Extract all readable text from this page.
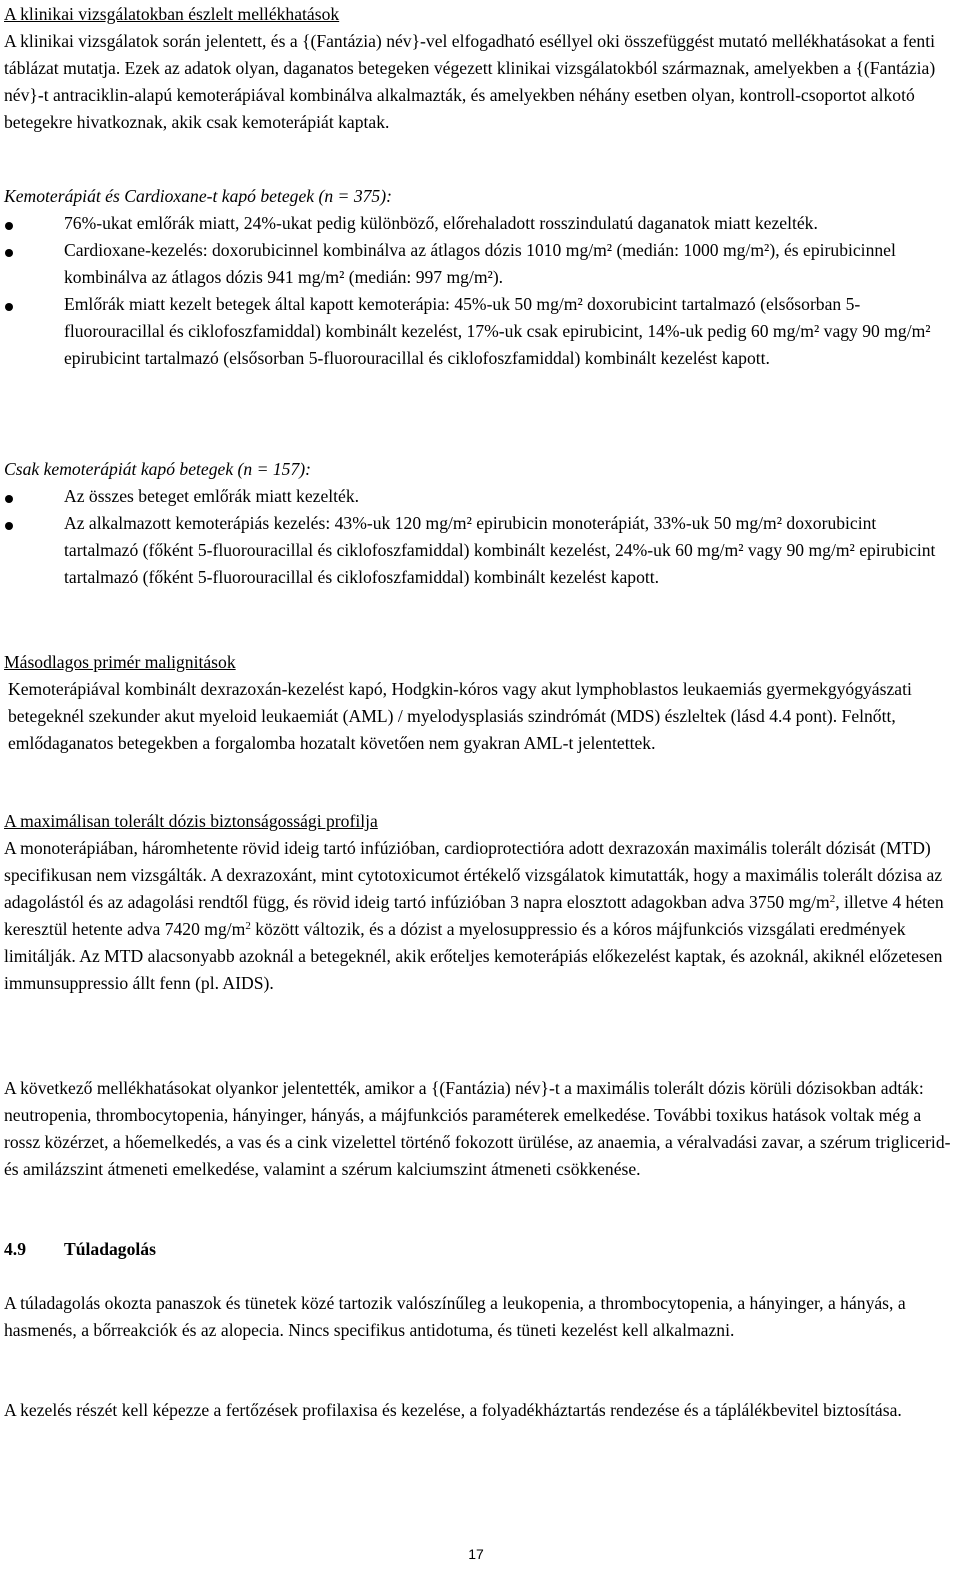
A klinikai vizsgálatokban észlelt mellékhatások
A klinikai vizsgálatok során jelentett, és a {(Fantázia) név}-vel elfogadható eséllyel oki összefüggést mutató mellékhatásokat a fenti táblázat mutatja. Ezek az adatok olyan, daganatos betegeken végezett klinikai vizsgálatokból származnak, amelyekben a {(Fantázia) név}-t antraciklin-alapú kemoterápiával kombinálva alkalmazták, és amelyekben néhány esetben olyan, kontroll-csoportot alkotó betegekre hivatkoznak, akik csak kemoterápiát kaptak.
Kemoterápiát és Cardioxane-t kapó betegek (n = 375):
76%-ukat emlőrák miatt, 24%-ukat pedig különböző, előrehaladott rosszindulatú daganatok miatt kezelték.
Cardioxane-kezelés: doxorubicinnel kombinálva az átlagos dózis 1010 mg/m² (medián: 1000 mg/m²), és epirubicinnel kombinálva az átlagos dózis 941 mg/m² (medián: 997 mg/m²).
Emlőrák miatt kezelt betegek által kapott kemoterápia: 45%-uk 50 mg/m² doxorubicint tartalmazó (elsősorban 5-fluorouracillal és ciklofoszfamiddal) kombinált kezelést, 17%-uk csak epirubicint, 14%-uk pedig 60 mg/m² vagy 90 mg/m² epirubicint tartalmazó (elsősorban 5-fluorouracillal és ciklofoszfamiddal) kombinált kezelést kapott.
Csak kemoterápiát kapó betegek (n = 157):
Az összes beteget emlőrák miatt kezelték.
Az alkalmazott kemoterápiás kezelés: 43%-uk 120 mg/m² epirubicin monoterápiát, 33%-uk 50 mg/m² doxorubicint tartalmazó (főként 5-fluorouracillal és ciklofoszfamiddal) kombinált kezelést, 24%-uk 60 mg/m² vagy 90 mg/m² epirubicint tartalmazó (főként 5-fluorouracillal és ciklofoszfamiddal) kombinált kezelést kapott.
Másodlagos primér malignitások
Kemoterápiával kombinált dexrazoxán-kezelést kapó, Hodgkin-kóros vagy akut lymphoblastos leukaemiás gyermekgyógyászati betegeknél szekunder akut myeloid leukaemiát (AML) / myelodysplasiás szindrómát (MDS) észleltek (lásd 4.4 pont). Felnőtt, emlődaganatos betegekben a forgalomba hozatalt követően nem gyakran AML-t jelentettek.
A maximálisan tolerált dózis biztonságossági profilja
A monoterápiában, háromhetente rövid ideig tartó infúzióban, cardioprotectióra adott dexrazoxán maximális tolerált dózisát (MTD) specifikusan nem vizsgálták. A dexrazoxánt, mint cytotoxicumot értékelő vizsgálatok kimutatták, hogy a maximális tolerált dózisa az adagolástól és az adagolási rendtől függ, és rövid ideig tartó infúzióban 3 napra elosztott adagokban adva 3750 $mg/m^2$, illetve 4 héten keresztül hetente adva 7420 $mg/m^2$ között változik, és a dózist a myelosuppressio és a kóros májfunkciós vizsgálati eredmények limitálják. Az MTD alacsonyabb azoknál a betegeknél, akik erőteljes kemoterápiás előkezelést kaptak, és azoknál, akiknél előzetesen immunsuppressio állt fenn (pl. AIDS).
A következő mellékhatásokat olyankor jelentették, amikor a {(Fantázia) név}-t a maximális tolerált dózis körüli dózisokban adták: neutropenia, thrombocytopenia, hányinger, hányás, a májfunkciós paraméterek emelkedése. További toxikus hatások voltak még a rossz közérzet, a hőemelkedés, a vas és a cink vizelettel történő fokozott ürülése, az anaemia, a véralvadási zavar, a szérum triglicerid- és amilázszint átmeneti emelkedése, valamint a szérum kalciumszint átmeneti csökkenése.
4.9 Túladagolás
A túladagolás okozta panaszok és tünetek közé tartozik valószínűleg a leukopenia, a thrombocytopenia, a hányinger, a hányás, a hasmenés, a bőrreakciók és az alopecia. Nincs specifikus antidotuma, és tüneti kezelést kell alkalmazni.
A kezelés részét kell képezze a fertőzések profilaxisa és kezelése, a folyadékháztartás rendezése és a táplálékbevitel biztosítása.
17
